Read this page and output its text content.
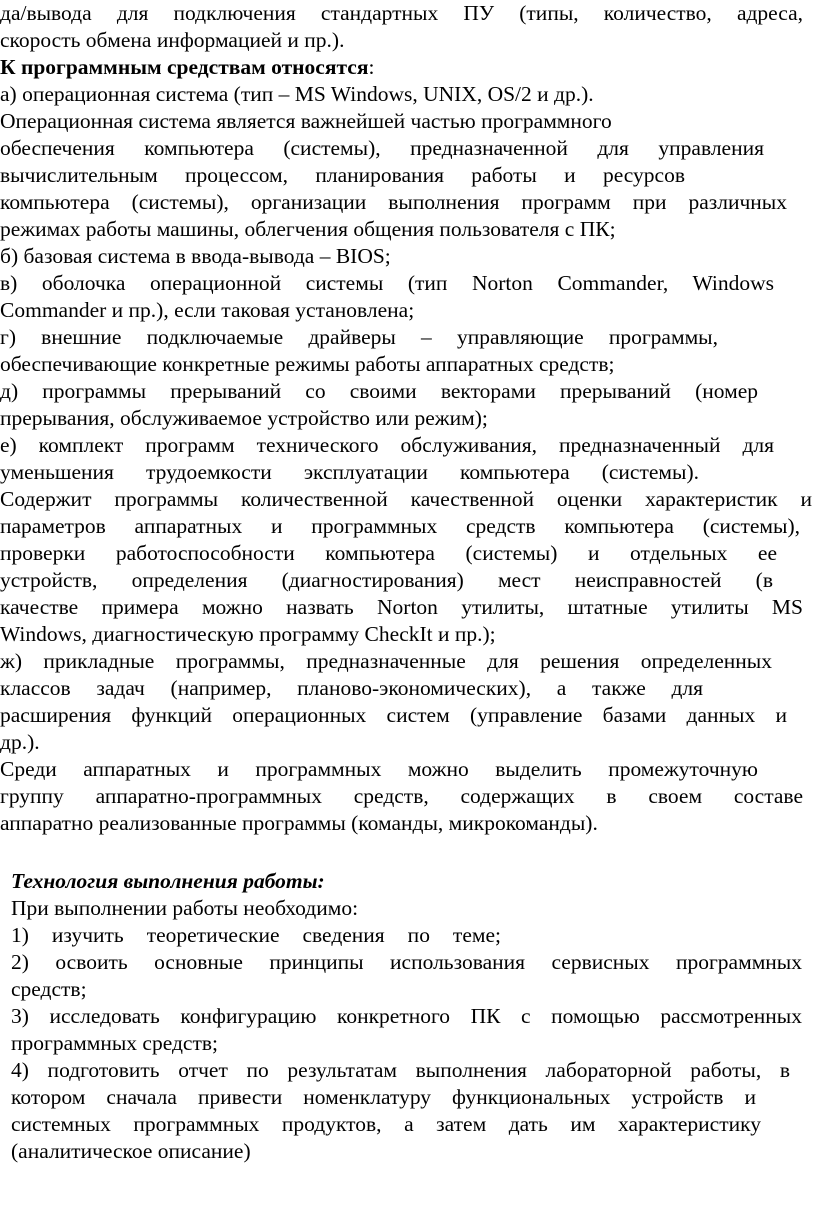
да/вывода для подключения стандартных ПУ (типы, количество, адреса,
скорость обмена информацией и пр.).
К программным средствам относятся:
а) операционная система (тип – MS Windows, UNIX, OS/2 и др.).
Операционная система является важнейшей частью программного
обеспечения компьютера (системы), предназначенной для управления
вычислительным процессом, планирования работы и ресурсов
компьютера (системы), организации выполнения программ при различных
режимах работы машины, облегчения общения пользователя с ПК;
б) базовая система в ввода-вывода – BIOS;
в) оболочка операционной системы (тип Norton Commander, Windows
Commander и пр.), если таковая установлена;
г) внешние подключаемые драйверы – управляющие программы,
обеспечивающие конкретные режимы работы аппаратных средств;
д) программы прерываний со своими векторами прерываний (номер
прерывания, обслуживаемое устройство или режим);
е) комплект программ технического обслуживания, предназначенный для
уменьшения трудоемкости эксплуатации компьютера (системы).
Содержит программы количественной качественной оценки характеристик и
параметров аппаратных и программных средств компьютера (системы),
проверки работоспособности компьютера (системы) и отдельных ее
устройств, определения (диагностирования) мест неисправностей (в
качестве примера можно назвать Norton утилиты, штатные утилиты MS
Windows, диагностическую программу CheckIt и пр.);
ж) прикладные программы, предназначенные для решения определенных
классов задач (например, планово-экономических), а также для
расширения функций операционных систем (управление базами данных и
др.).
Среди аппаратных и программных можно выделить промежуточную
группу аппаратно-программных средств, содержащих в своем составе
аппаратно реализованные программы (команды, микрокоманды).
Технология выполнения работы:
При выполнении работы необходимо:
1) изучить теоретические сведения по теме;
2) освоить основные принципы использования сервисных программных
средств;
3) исследовать конфигурацию конкретного ПК с помощью рассмотренных
программных средств;
4) подготовить отчет по результатам выполнения лабораторной работы, в
котором сначала привести номенклатуру функциональных устройств и
системных программных продуктов, а затем дать им характеристику
(аналитическое описание)
